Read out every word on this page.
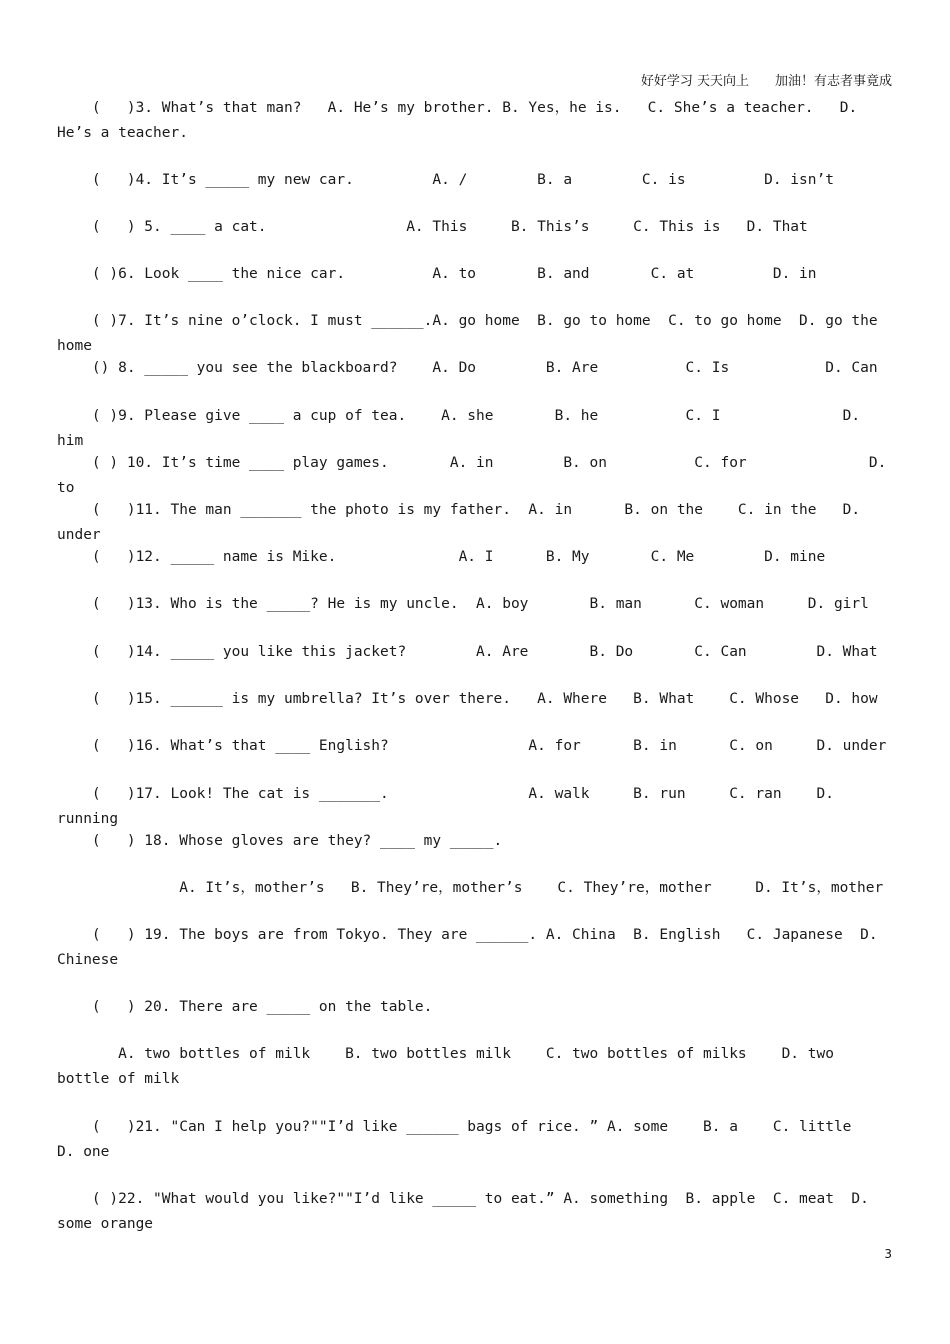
好好学习 天天向上 加油！有志者事竟成
(   )3. What’s that man?   A. He’s my brother. B. Yes，he is.   C. She’s a teacher.   D. He’s a teacher.
(   )4. It’s _____ my new car.         A. /        B. a        C. is         D. isn’t
(   ) 5. ____ a cat.                A. This     B. This’s     C. This is   D. That
( )6. Look ____ the nice car.          A. to       B. and       C. at         D. in
( )7. It’s nine o’clock. I must ______.A. go home  B. go to home  C. to go home  D. go the home
() 8. _____ you see the blackboard?    A. Do        B. Are          C. Is           D. Can
( )9. Please give ____ a cup of tea.    A. she       B. he          C. I              D. him
( ) 10. It’s time ____ play games.       A. in        B. on          C. for              D. to
(   )11. The man _______ the photo is my father.  A. in      B. on the    C. in the   D. under
(   )12. _____ name is Mike.              A. I      B. My       C. Me        D. mine
(   )13. Who is the _____? He is my uncle.  A. boy       B. man      C. woman     D. girl
(   )14. _____ you like this jacket?        A. Are       B. Do       C. Can        D. What
(   )15. ______ is my umbrella? It’s over there.   A. Where   B. What    C. Whose   D. how
(   )16. What’s that ____ English?                A. for      B. in      C. on     D. under
(   )17. Look! The cat is _______.                A. walk     B. run     C. ran    D. running
(   ) 18. Whose gloves are they? ____ my _____.
A. It’s，mother’s   B. They’re，mother’s    C. They’re，mother     D. It’s，mother
(   ) 19. The boys are from Tokyo. They are ______. A. China  B. English   C. Japanese  D. Chinese
(   ) 20. There are _____ on the table.
A. two bottles of milk    B. two bottles milk    C. two bottles of milks    D. two bottle of milk
(   )21. "Can I help you?""I’d like ______ bags of rice. ” A. some    B. a    C. little     D. one
( )22. "What would you like?""I’d like _____ to eat.” A. something  B. apple  C. meat  D. some orange
3
